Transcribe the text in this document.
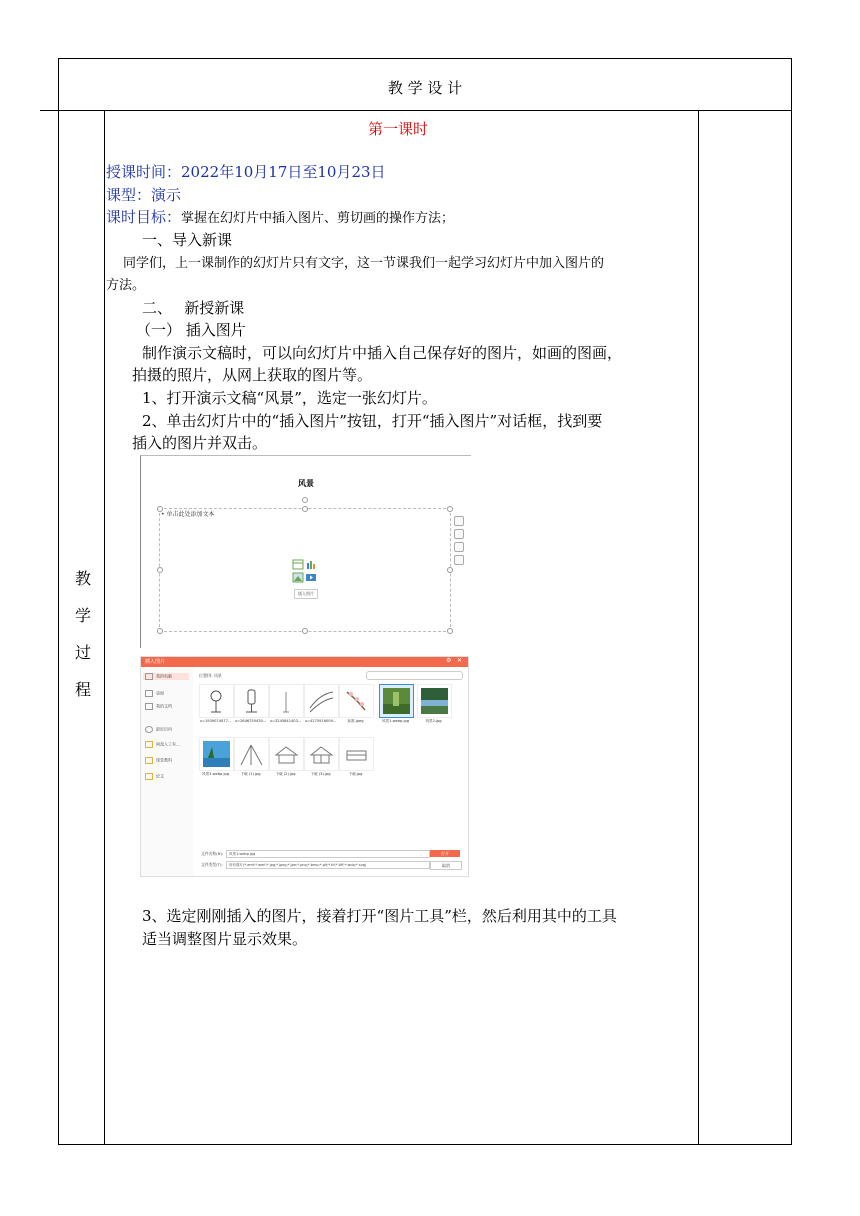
教 学 设 计
教
学
过
程
第一课时
授课时间：2022年10月17日至10月23日
课型：演示
课时目标：掌握在幻灯片中插入图片、剪切画的操作方法；
一、导入新课
同学们，上一课制作的幻灯片只有文字，这一节课我们一起学习幻灯片中加入图片的
方法。
二、　 新授新课
（一） 插入图片
制作演示文稿时，可以向幻灯片中插入自己保存好的图片，如画的图画，
拍摄的照片，从网上获取的图片等。
1、打开演示文稿“风景”，选定一张幻灯片。
2、单击幻灯片中的“插入图片”按钮，打开“插入图片”对话框，找到要
插入的图片并双击。
风景
• 单击此处添加文本
插入图片
插入图片	⚙ ✕
我的电脑
桌面
我的文档
最近访问
网盘入工有...
课堂教科
论文
位置(I): 风景
u=1939074077... u=2646750430... u=3245841403... u=4275916009...	标准.jpeg	风景1.webp.jpg	风景2.jpg
风景3.webp.jpg	下载 (1).jpg	下载 (2).jpg	下载 (3).jpg	下载.jpg
文件名称(N):	风景1.webp.jpg
文件类型(T):	所有图片(*.emf;*.wmf;*.jpg;*.jpeg;*.jpe;*.png;*.bmp;*.gif;*.tif;*.tiff;*.wdp;*.svg)
打开
取消
3、选定刚刚插入的图片，接着打开“图片工具”栏，然后利用其中的工具
适当调整图片显示效果。
